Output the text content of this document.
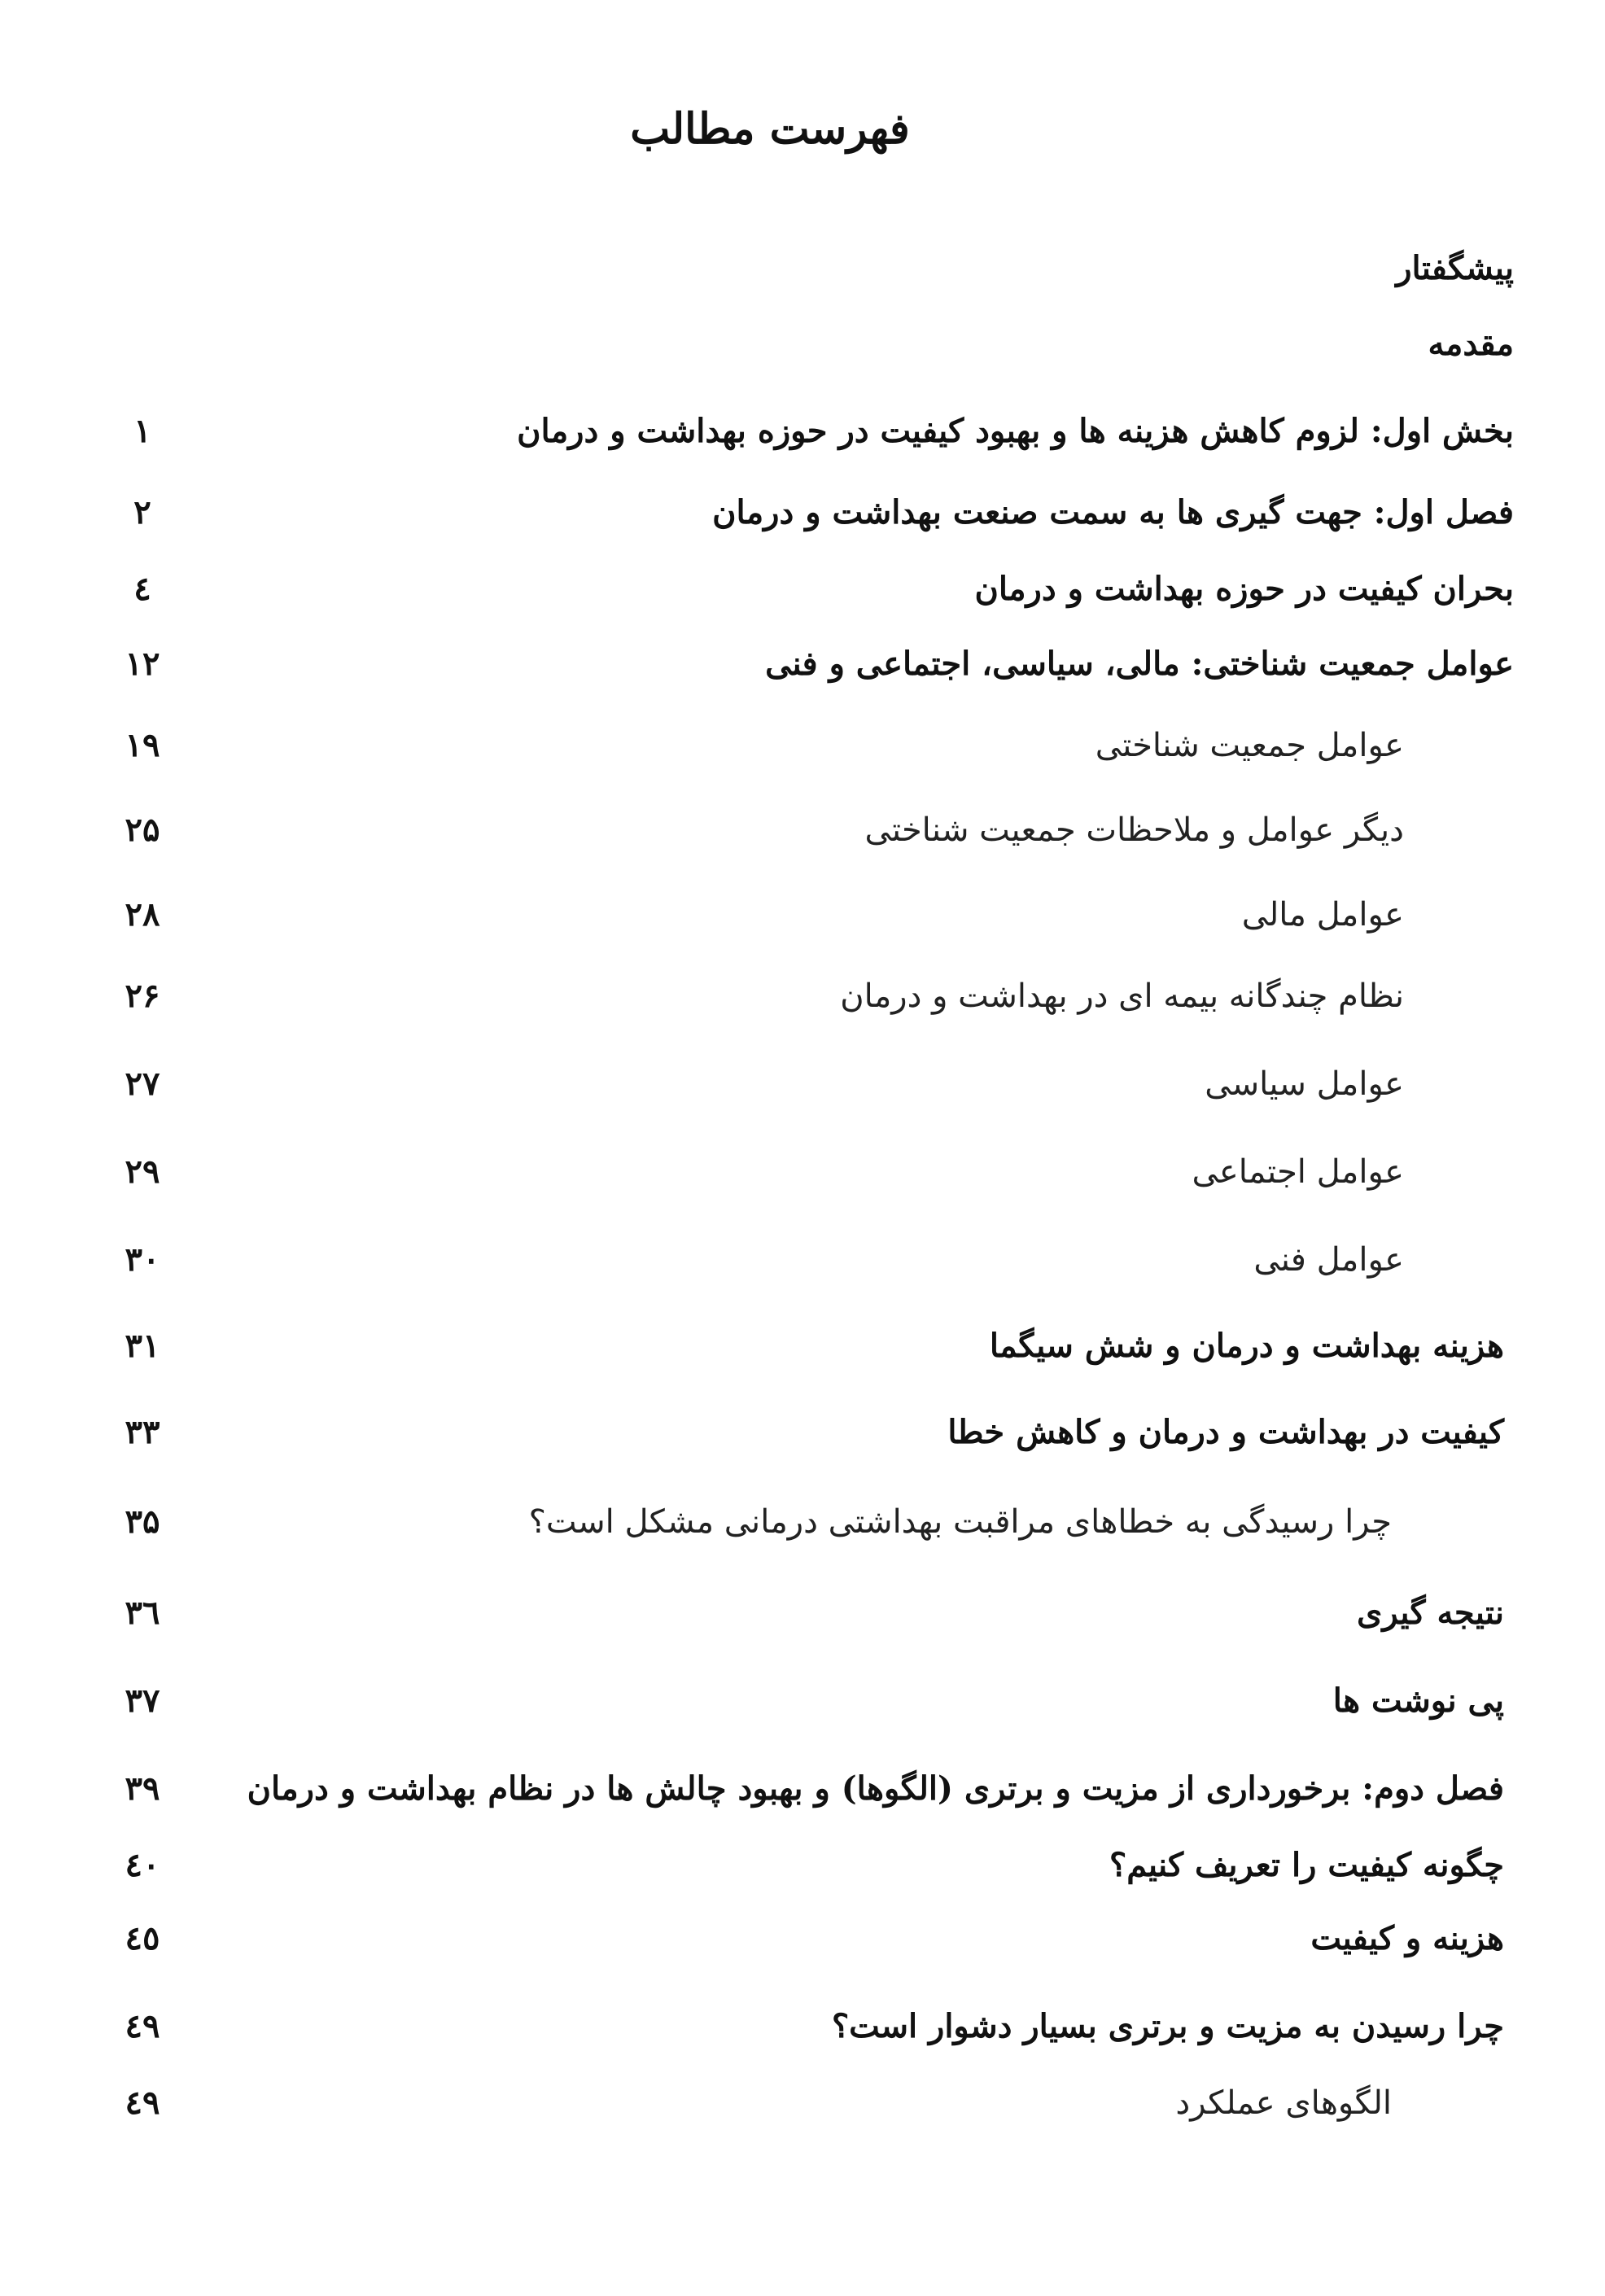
فهرست مطالب
پیشگفتار
مقدمه
بخش اول: لزوم کاهش هزینه ها و بهبود کیفیت در حوزه بهداشت و درمان
۱
فصل اول: جهت گیری ها به سمت صنعت بهداشت و درمان
۲
بحران کیفیت در حوزه بهداشت و درمان
٤
عوامل جمعیت شناختی: مالی، سیاسی، اجتماعی و فنی
۱۲
عوامل جمعیت شناختی
۱۹
دیگر عوامل و ملاحظات جمعیت شناختی
۲۵
عوامل مالی
۲۸
نظام چندگانه بیمه ای در بهداشت و درمان
۲۶
عوامل سیاسی
۲۷
عوامل اجتماعی
۲۹
عوامل فنی
۳۰
هزینه بهداشت و درمان و شش سیگما
۳۱
کیفیت در بهداشت و درمان و کاهش خطا
۳۳
چرا رسیدگی به خطاهای مراقبت بهداشتی درمانی مشکل است؟
۳۵
نتیجه گیری
۳٦
پی نوشت ها
۳۷
فصل دوم: برخورداری از مزیت و برتری (الگوها) و بهبود چالش ها در نظام بهداشت و درمان
۳۹
چگونه کیفیت را تعریف کنیم؟
٤۰
هزینه و کیفیت
٤٥
چرا رسیدن به مزیت و برتری بسیار دشوار است؟
٤۹
الگوهای عملکرد
٤۹
